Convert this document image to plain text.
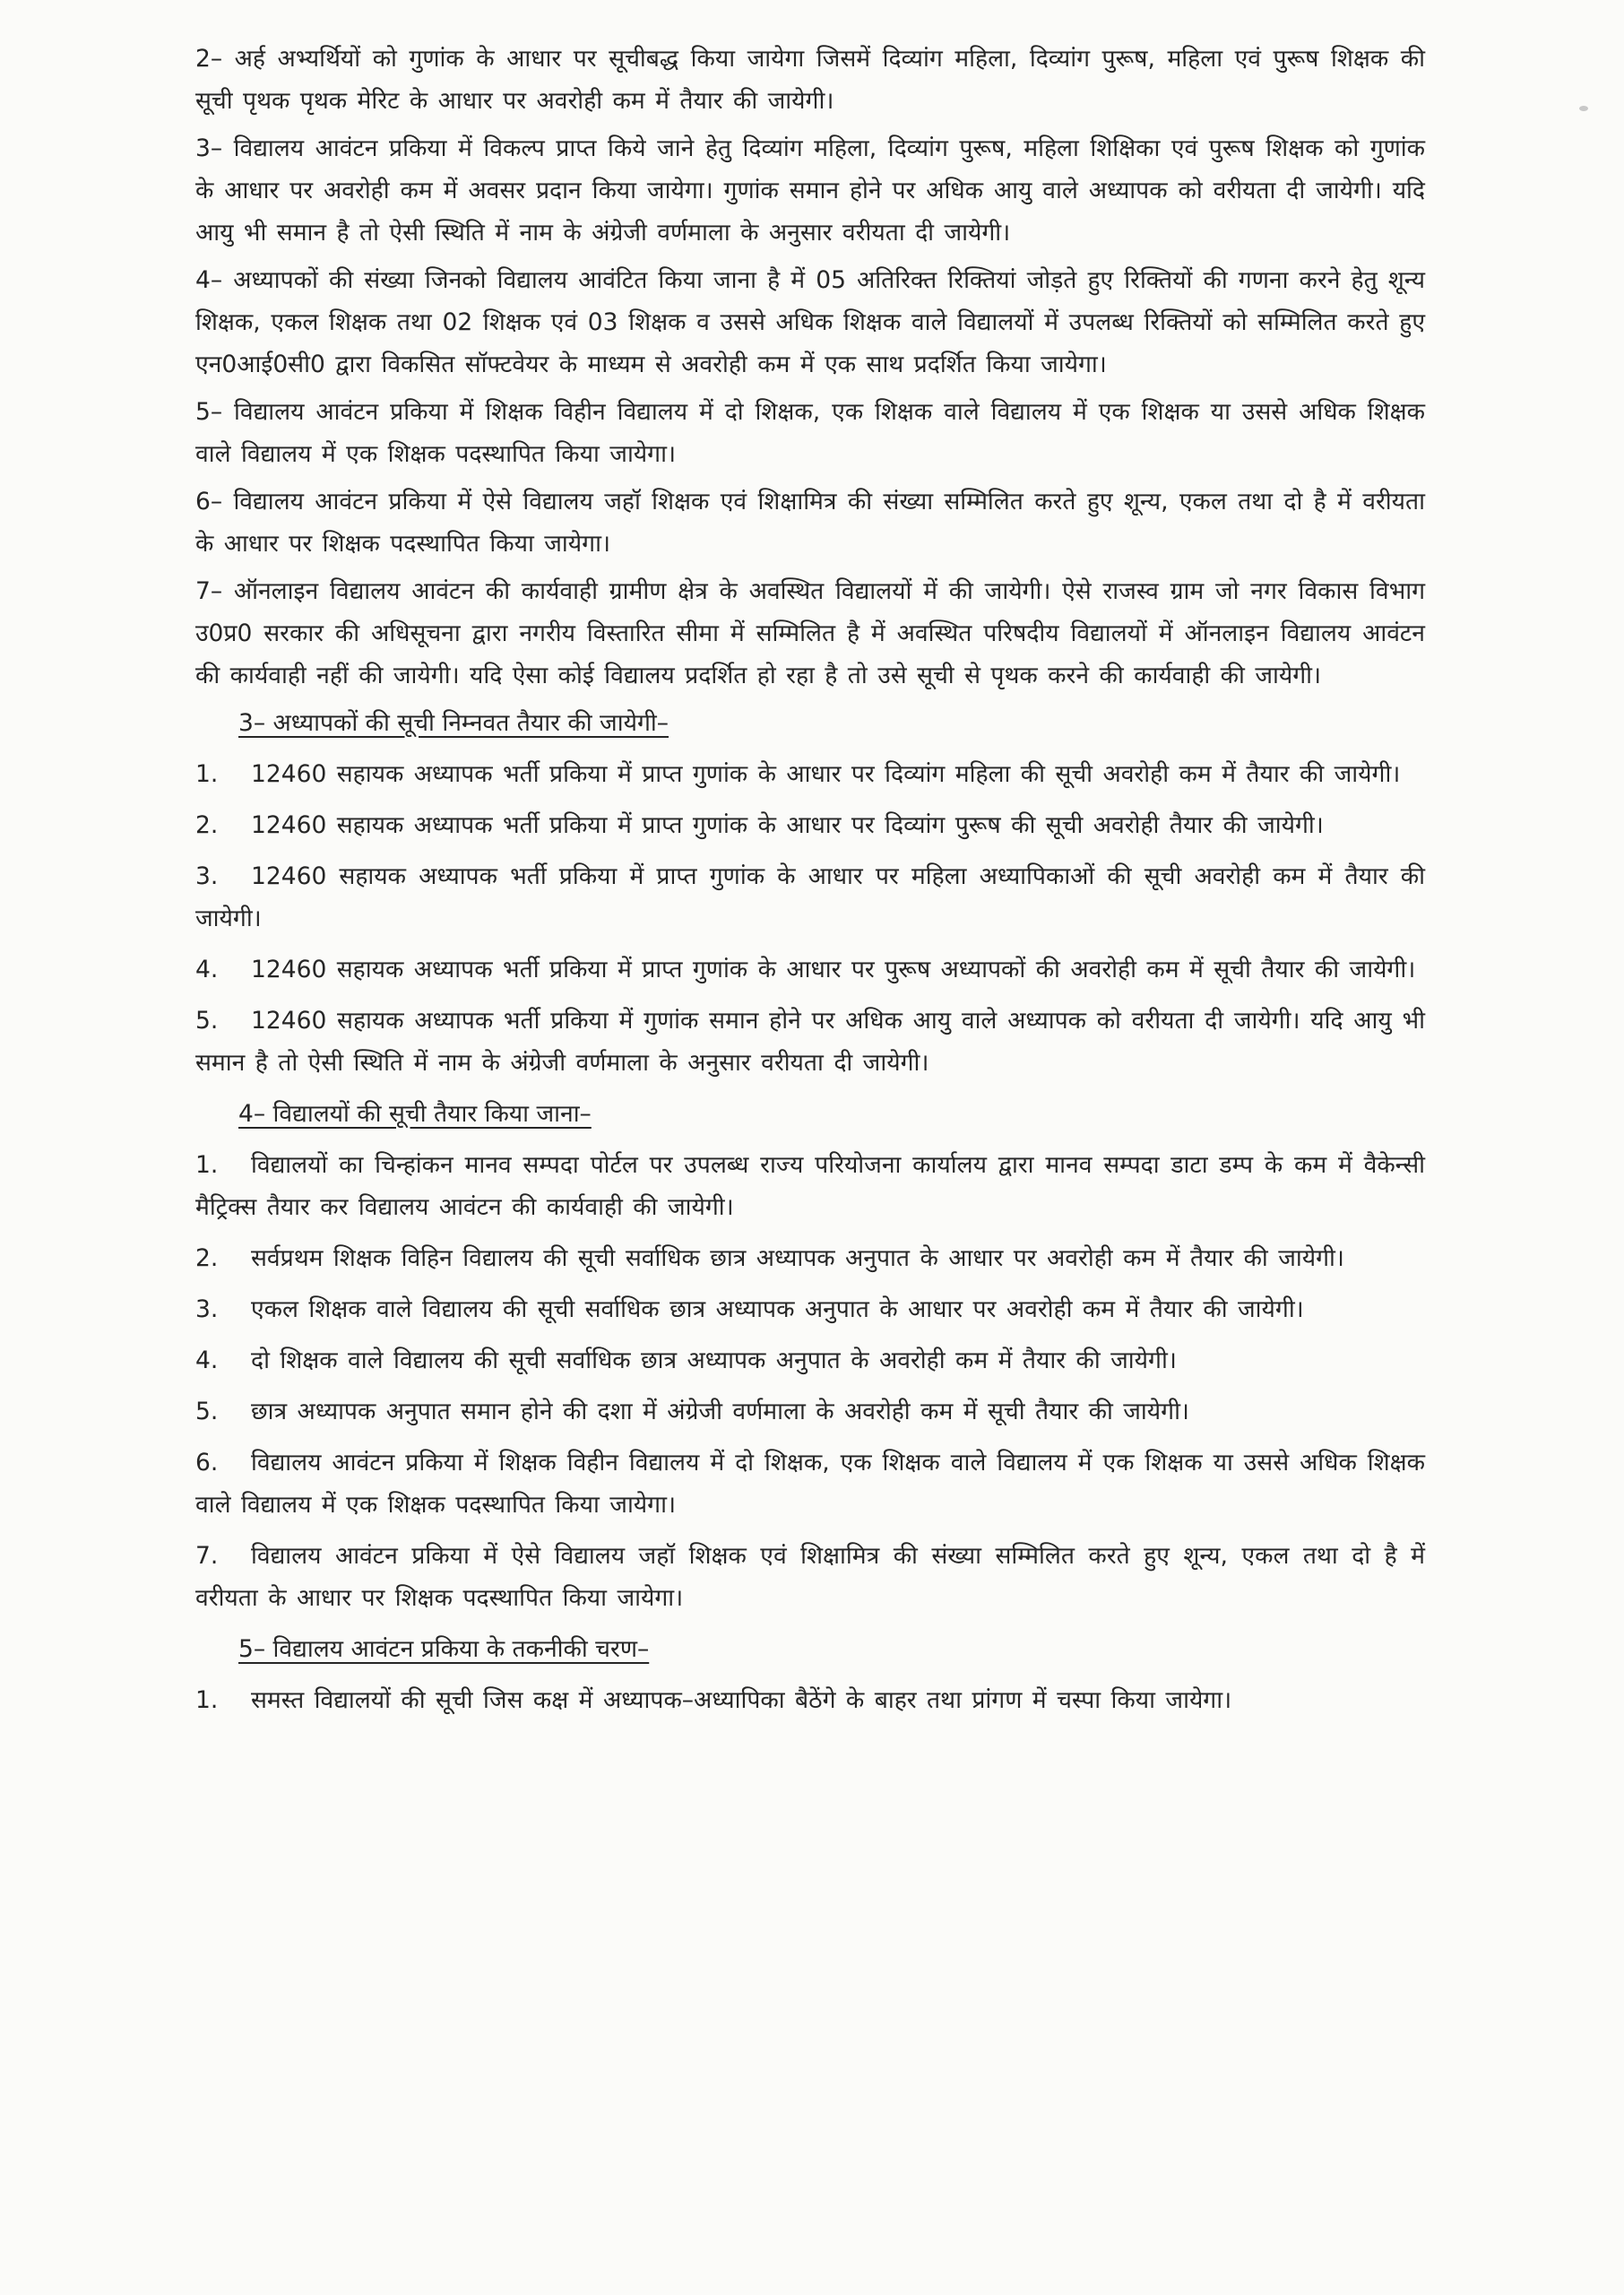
2– अर्ह अभ्यर्थियों को गुणांक के आधार पर सूचीबद्ध किया जायेगा जिसमें दिव्यांग महिला, दिव्यांग पुरूष, महिला एवं पुरूष शिक्षक की सूची पृथक पृथक मेरिट के आधार पर अवरोही कम में तैयार की जायेगी।

3– विद्यालय आवंटन प्रकिया में विकल्प प्राप्त किये जाने हेतु दिव्यांग महिला, दिव्यांग पुरूष, महिला शिक्षिका एवं पुरूष शिक्षक को गुणांक के आधार पर अवरोही कम में अवसर प्रदान किया जायेगा। गुणांक समान होने पर अधिक आयु वाले अध्यापक को वरीयता दी जायेगी। यदि आयु भी समान है तो ऐसी स्थिति में नाम के अंग्रेजी वर्णमाला के अनुसार वरीयता दी जायेगी।

4– अध्यापकों की संख्या जिनको विद्यालय आवंटित किया जाना है में 05 अतिरिक्त रिक्तियां जोड़ते हुए रिक्तियों की गणना करने हेतु शून्य शिक्षक, एकल शिक्षक तथा 02 शिक्षक एवं 03 शिक्षक व उससे अधिक शिक्षक वाले विद्यालयों में उपलब्ध रिक्तियों को सम्मिलित करते हुए एन0आई0सी0 द्वारा विकसित सॉफ्टवेयर के माध्यम से अवरोही कम में एक साथ प्रदर्शित किया जायेगा।

5– विद्यालय आवंटन प्रकिया में शिक्षक विहीन विद्यालय में दो शिक्षक, एक शिक्षक वाले विद्यालय में एक शिक्षक या उससे अधिक शिक्षक वाले विद्यालय में एक शिक्षक पदस्थापित किया जायेगा।

6– विद्यालय आवंटन प्रकिया में ऐसे विद्यालय जहॉ शिक्षक एवं शिक्षामित्र की संख्या सम्मिलित करते हुए शून्य, एकल तथा दो है में वरीयता के आधार पर शिक्षक पदस्थापित किया जायेगा।

7– ऑनलाइन विद्यालय आवंटन की कार्यवाही ग्रामीण क्षेत्र के अवस्थित विद्यालयों में की जायेगी। ऐसे राजस्व ग्राम जो नगर विकास विभाग उ0प्र0 सरकार की अधिसूचना द्वारा नगरीय विस्तारित सीमा में सम्मिलित है में अवस्थित परिषदीय विद्यालयों में ऑनलाइन विद्यालय आवंटन की कार्यवाही नहीं की जायेगी। यदि ऐसा कोई विद्यालय प्रदर्शित हो रहा है तो उसे सूची से पृथक करने की कार्यवाही की जायेगी।

3– अध्यापकों की सूची निम्नवत तैयार की जायेगी–

1. 12460 सहायक अध्यापक भर्ती प्रकिया में प्राप्त गुणांक के आधार पर दिव्यांग महिला की सूची अवरोही कम में तैयार की जायेगी।

2. 12460 सहायक अध्यापक भर्ती प्रकिया में प्राप्त गुणांक के आधार पर दिव्यांग पुरूष की सूची अवरोही तैयार की जायेगी।

3. 12460 सहायक अध्यापक भर्ती प्रकिया में प्राप्त गुणांक के आधार पर महिला अध्यापिकाओं की सूची अवरोही कम में तैयार की जायेगी।

4. 12460 सहायक अध्यापक भर्ती प्रकिया में प्राप्त गुणांक के आधार पर पुरूष अध्यापकों की अवरोही कम में सूची तैयार की जायेगी।

5. 12460 सहायक अध्यापक भर्ती प्रकिया में गुणांक समान होने पर अधिक आयु वाले अध्यापक को वरीयता दी जायेगी। यदि आयु भी समान है तो ऐसी स्थिति में नाम के अंग्रेजी वर्णमाला के अनुसार वरीयता दी जायेगी।

4– विद्यालयों की सूची तैयार किया जाना–

1. विद्यालयों का चिन्हांकन मानव सम्पदा पोर्टल पर उपलब्ध राज्य परियोजना कार्यालय द्वारा मानव सम्पदा डाटा डम्प के कम में वैकेन्सी मैट्रिक्स तैयार कर विद्यालय आवंटन की कार्यवाही की जायेगी।

2. सर्वप्रथम शिक्षक विहिन विद्यालय की सूची सर्वाधिक छात्र अध्यापक अनुपात के आधार पर अवरोही कम में तैयार की जायेगी।

3. एकल शिक्षक वाले विद्यालय की सूची सर्वाधिक छात्र अध्यापक अनुपात के आधार पर अवरोही कम में तैयार की जायेगी।

4. दो शिक्षक वाले विद्यालय की सूची सर्वाधिक छात्र अध्यापक अनुपात के अवरोही कम में तैयार की जायेगी।

5. छात्र अध्यापक अनुपात समान होने की दशा में अंग्रेजी वर्णमाला के अवरोही कम में सूची तैयार की जायेगी।

6. विद्यालय आवंटन प्रकिया में शिक्षक विहीन विद्यालय में दो शिक्षक, एक शिक्षक वाले विद्यालय में एक शिक्षक या उससे अधिक शिक्षक वाले विद्यालय में एक शिक्षक पदस्थापित किया जायेगा।

7. विद्यालय आवंटन प्रकिया में ऐसे विद्यालय जहॉ शिक्षक एवं शिक्षामित्र की संख्या सम्मिलित करते हुए शून्य, एकल तथा दो है में वरीयता के आधार पर शिक्षक पदस्थापित किया जायेगा।

5– विद्यालय आवंटन प्रकिया के तकनीकी चरण–

1. समस्त विद्यालयों की सूची जिस कक्ष में अध्यापक–अध्यापिका बैठेंगे के बाहर तथा प्रांगण में चस्पा किया जायेगा।
